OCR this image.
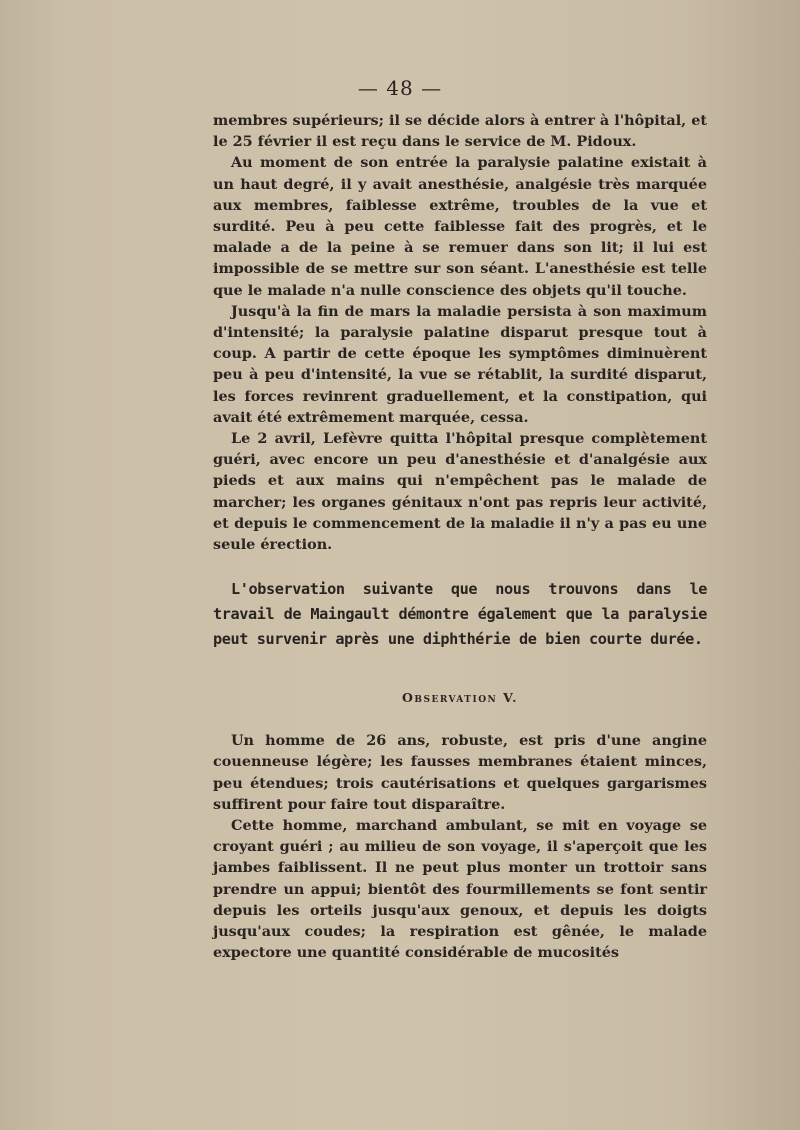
— 48 —

membres supérieurs; il se décide alors à entrer à l'hôpital, et le 25 février il est reçu dans le service de M. Pidoux.

Au moment de son entrée la paralysie palatine existait à un haut degré, il y avait anesthésie, analgésie très marquée aux membres, faiblesse extrême, troubles de la vue et surdité. Peu à peu cette faiblesse fait des progrès, et le malade a de la peine à se remuer dans son lit; il lui est impossible de se mettre sur son séant. L'anesthésie est telle que le malade n'a nulle conscience des objets qu'il touche.

Jusqu'à la fin de mars la maladie persista à son maximum d'intensité; la paralysie palatine disparut presque tout à coup. A partir de cette époque les symptômes diminuèrent peu à peu d'intensité, la vue se rétablit, la surdité disparut, les forces revinrent graduellement, et la constipation, qui avait été extrêmement marquée, cessa.

Le 2 avril, Lefèvre quitta l'hôpital presque complètement guéri, avec encore un peu d'anesthésie et d'analgésie aux pieds et aux mains qui n'empêchent pas le malade de marcher; les organes génitaux n'ont pas repris leur activité, et depuis le commencement de la maladie il n'y a pas eu une seule érection.

L'observation suivante que nous trouvons dans le travail de Maingault démontre également que la paralysie peut survenir après une diphthérie de bien courte durée.

Observation V.

Un homme de 26 ans, robuste, est pris d'une angine couenneuse légère; les fausses membranes étaient minces, peu étendues; trois cautérisations et quelques gargarismes suffirent pour faire tout disparaître.

Cette homme, marchand ambulant, se mit en voyage se croyant guéri ; au milieu de son voyage, il s'aperçoit que les jambes faiblissent. Il ne peut plus monter un trottoir sans prendre un appui; bientôt des fourmillements se font sentir depuis les orteils jusqu'aux genoux, et depuis les doigts jusqu'aux coudes; la respiration est gênée, le malade expectore une quantité considérable de mucosités
